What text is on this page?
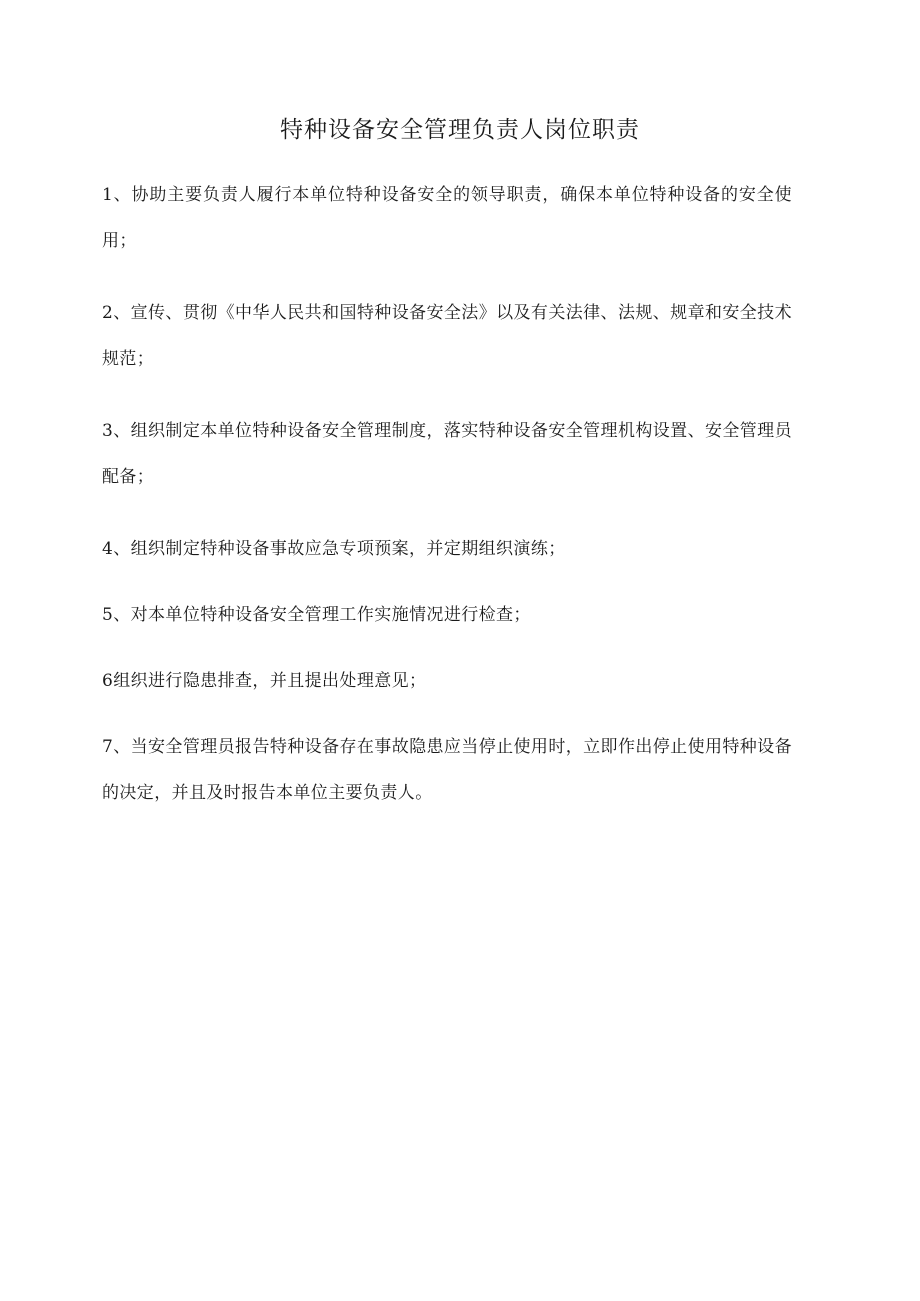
特种设备安全管理负责人岗位职责

1、协助主要负责人履行本单位特种设备安全的领导职责，确保本单位特种设备的安全使用；

2、宣传、贯彻《中华人民共和国特种设备安全法》以及有关法律、法规、规章和安全技术规范；

3、组织制定本单位特种设备安全管理制度，落实特种设备安全管理机构设置、安全管理员配备；

4、组织制定特种设备事故应急专项预案，并定期组织演练；

5、对本单位特种设备安全管理工作实施情况进行检查；

6组织进行隐患排查，并且提出处理意见；

7、当安全管理员报告特种设备存在事故隐患应当停止使用时，立即作出停止使用特种设备的决定，并且及时报告本单位主要负责人。
